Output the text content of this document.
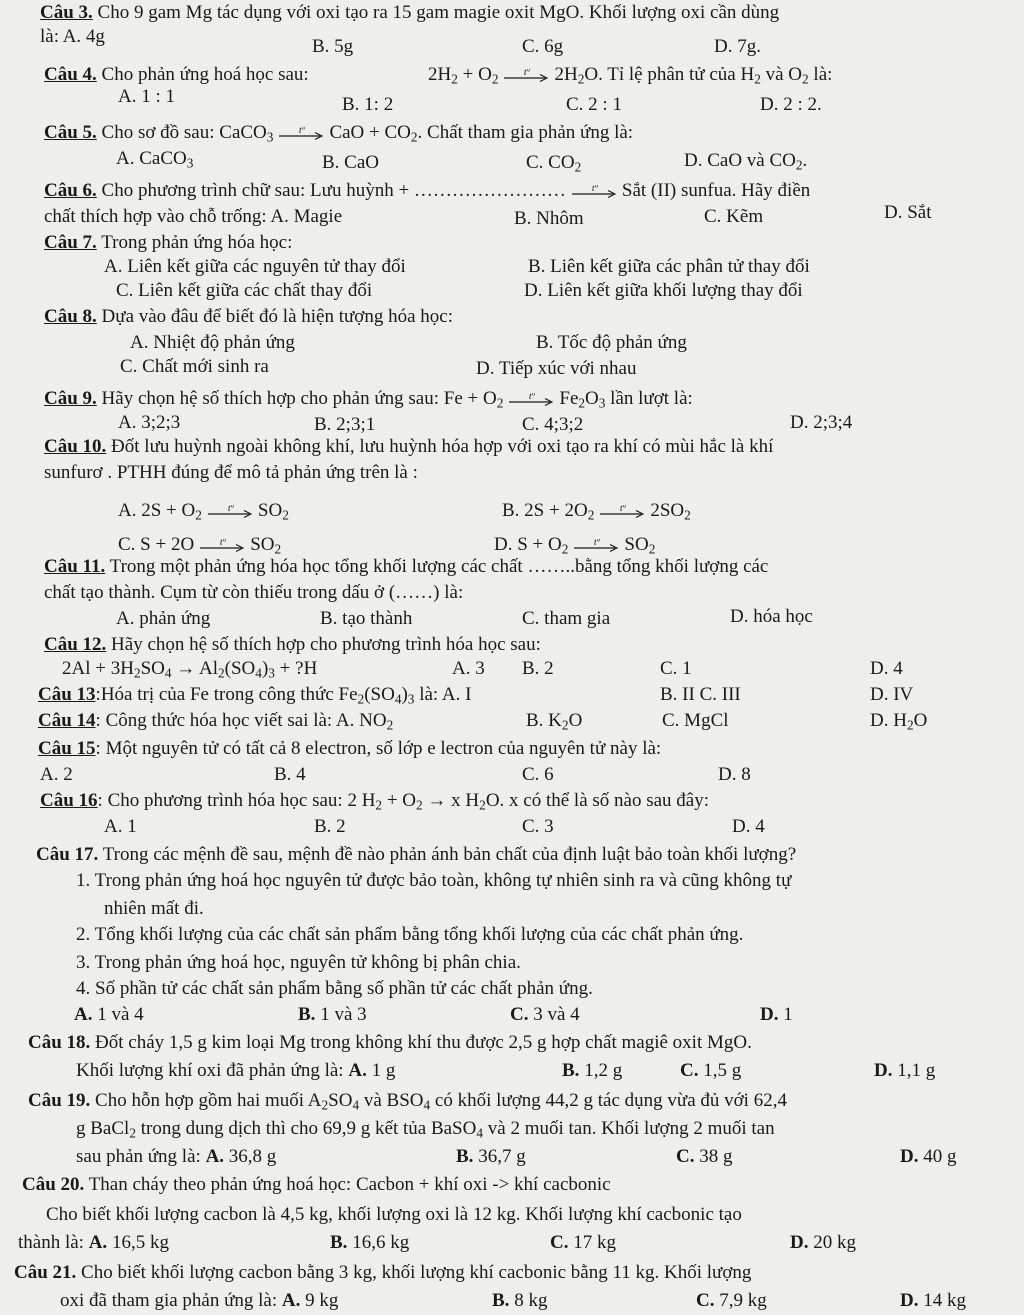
Câu 3. Cho 9 gam Mg tác dụng với oxi tạo ra 15 gam magie oxit MgO. Khối lượng oxi cần dùng
là: A. 4g	B. 5g	C. 6g	D. 7g.
Câu 4. Cho phản ứng hoá học sau:	$2H_2 + O_2$	t° $2H_2O$. Tỉ lệ phân tử của $H_2$ và $O_2$ là:
A. 1 : 1	B. 1: 2	C. 2 : 1	D. 2 : 2.
Câu 5. Cho sơ đồ sau: CaCO$_3$	t° CaO + $CO_2$. Chất tham gia phản ứng là:
A. CaCO$_3$	B. CaO	C. $CO_2$	D. CaO và $CO_2$.
Câu 6. Cho phương trình chữ sau: Lưu huỳnh + ……………………	t° Sắt (II) sunfua. Hãy điền
chất thích hợp vào chỗ trống: A. Magie	B. Nhôm	C. Kẽm	D. Sắt
Câu 7. Trong phản ứng hóa học:
A. Liên kết giữa các nguyên tử thay đổi	B. Liên kết giữa các phân tử thay đổi
C. Liên kết giữa các chất thay đổi	D. Liên kết giữa khối lượng thay đổi
Câu 8. Dựa vào đâu để biết đó là hiện tượng hóa học:
A. Nhiệt độ phản ứng	B. Tốc độ phản ứng
C. Chất mới sinh ra	D. Tiếp xúc với nhau
Câu 9. Hãy chọn hệ số thích hợp cho phản ứng sau: $Fe + O_2$	t° $Fe_2O_3$ lần lượt là:
A. 3;2;3	B. 2;3;1	C. 4;3;2	D. 2;3;4
Câu 10. Đốt lưu huỳnh ngoài không khí, lưu huỳnh hóa hợp với oxi tạo ra khí có mùi hắc là khí
sunfurơ . PTHH đúng để mô tả phản ứng trên là :
A. $2S + O_2$	t° $SO_2$	B. $2S + 2O_2$	t° $2SO_2$
C. S + 2O	t° $SO_2$	D. $S + O_2$	t° $SO_2$
Câu 11. Trong một phản ứng hóa học tổng khối lượng các chất ……..bằng tổng khối lượng các
chất tạo thành. Cụm từ còn thiếu trong dấu ở (……) là:
A. phản ứng	B. tạo thành	C. tham gia	D. hóa học
Câu 12. Hãy chọn hệ số thích hợp cho phương trình hóa học sau:
$2Al + 3H_2SO_4 \to Al_2(SO_4)_3$ + ?H	A. 3 B. 2	C. 1	D. 4
Câu 13:Hóa trị của Fe trong công thức $Fe_2(SO_4)_3$ là: A. I	B. II C. III	D. IV
Câu 14: Công thức hóa học viết sai là: A. $NO_2$	B. $K_2O$	C. MgCl	D. $H_2O$
Câu 15: Một nguyên tử có tất cả 8 electron, số lớp e lectron của nguyên tử này là:
A. 2	B. 4	C. 6	D. 8
Câu 16: Cho phương trình hóa học sau: 2 $H_2 + O_2 \to x$ $H_2O$. x có thể là số nào sau đây:
A. 1	B. 2	C. 3	D. 4
Câu 17. Trong các mệnh đề sau, mệnh đề nào phản ánh bản chất của định luật bảo toàn khối lượng?
1. Trong phản ứng hoá học nguyên tử được bảo toàn, không tự nhiên sinh ra và cũng không tự
nhiên mất đi.
2. Tổng khối lượng của các chất sản phẩm bằng tổng khối lượng của các chất phản ứng.
3. Trong phản ứng hoá học, nguyên tử không bị phân chia.
4. Số phần tử các chất sản phẩm bằng số phần tử các chất phản ứng.
A. 1 và 4	B. 1 và 3	C. 3 và 4	D. 1
Câu 18. Đốt cháy 1,5 g kim loại Mg trong không khí thu được 2,5 g hợp chất magiê oxit MgO.
Khối lượng khí oxi đã phản ứng là: A. 1 g	B. 1,2 g	C. 1,5 g	D. 1,1 g
Câu 19. Cho hỗn hợp gồm hai muối $A_2SO_4$ và $BSO_4$ có khối lượng 44,2 g tác dụng vừa đủ với 62,4
g BaCl$_2$ trong dung dịch thì cho 69,9 g kết tủa BaSO$_4$ và 2 muối tan. Khối lượng 2 muối tan
sau phản ứng là: A. 36,8 g	B. 36,7 g	C. 38 g	D. 40 g
Câu 20. Than cháy theo phản ứng hoá học: Cacbon + khí oxi -> khí cacbonic
Cho biết khối lượng cacbon là 4,5 kg, khối lượng oxi là 12 kg. Khối lượng khí cacbonic tạo
thành là: A. 16,5 kg	B. 16,6 kg	C. 17 kg	D. 20 kg
Câu 21. Cho biết khối lượng cacbon bằng 3 kg, khối lượng khí cacbonic bằng 11 kg. Khối lượng
oxi đã tham gia phản ứng là: A. 9 kg	B. 8 kg	C. 7,9 kg	D. 14 kg
